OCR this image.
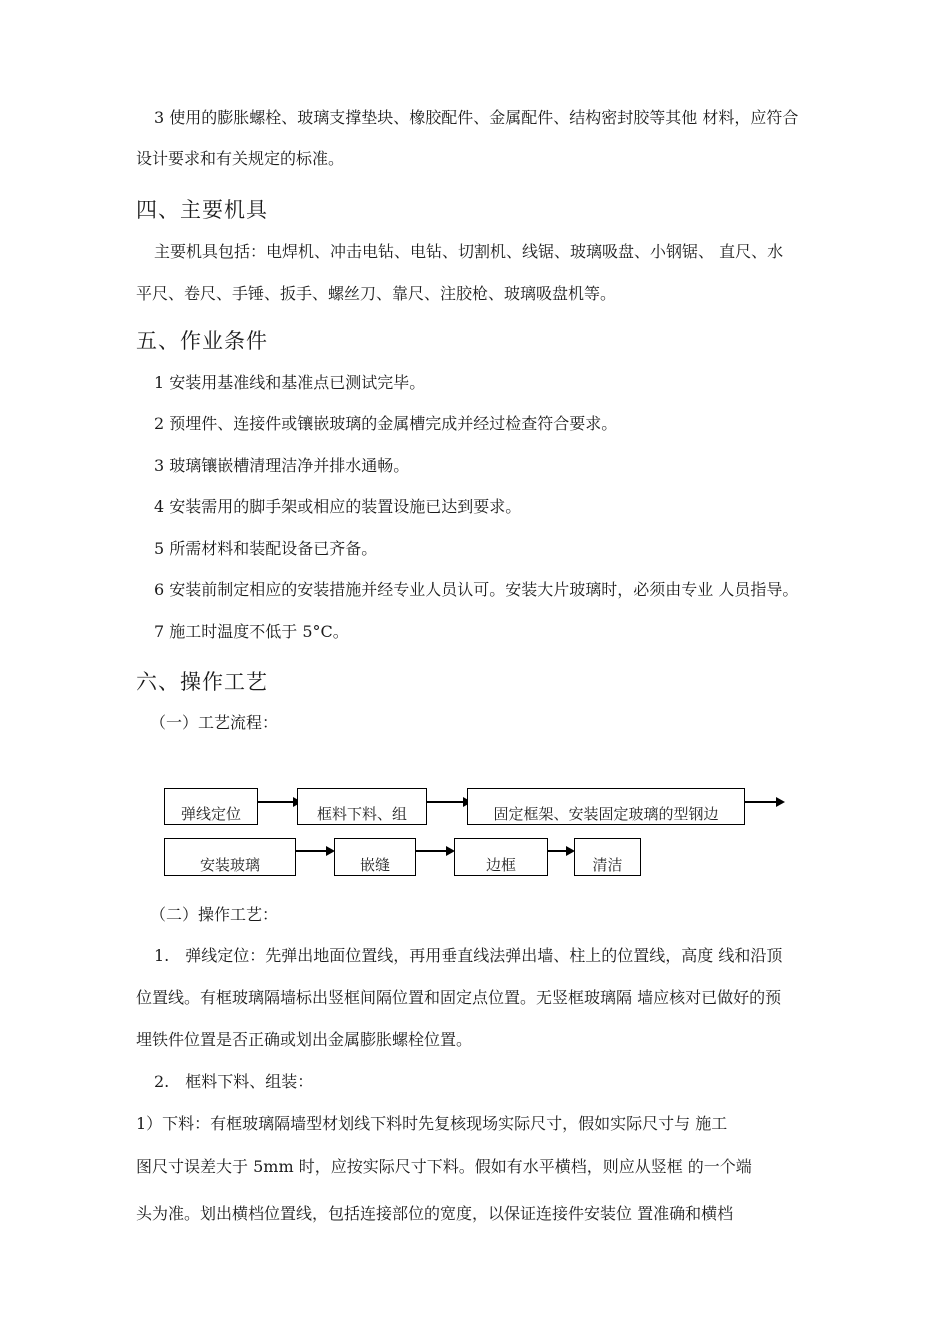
3 使用的膨胀螺栓、玻璃支撑垫块、橡胶配件、金属配件、结构密封胶等其他 材料，应符合
设计要求和有关规定的标准。
四、主要机具
主要机具包括：电焊机、冲击电钻、电钻、切割机、线锯、玻璃吸盘、小钢锯、 直尺、水
平尺、卷尺、手锤、扳手、螺丝刀、靠尺、注胶枪、玻璃吸盘机等。
五、作业条件
1 安装用基准线和基准点已测试完毕。
2 预埋件、连接件或镶嵌玻璃的金属槽完成并经过检查符合要求。
3 玻璃镶嵌槽清理洁净并排水通畅。
4 安装需用的脚手架或相应的装置设施已达到要求。
5 所需材料和装配设备已齐备。
6 安装前制定相应的安装措施并经专业人员认可。安装大片玻璃时，必须由专业 人员指导。
7 施工时温度不低于 5°C。
六、操作工艺
（一）工艺流程：
弹线定位	框料下料、组	固定框架、安装固定玻璃的型钢边
安装玻璃	嵌缝	边框	清洁
（二）操作工艺：
1.　弹线定位：先弹出地面位置线，再用垂直线法弹出墙、柱上的位置线，高度 线和沿顶
位置线。有框玻璃隔墙标出竖框间隔位置和固定点位置。无竖框玻璃隔 墙应核对已做好的预
埋铁件位置是否正确或划出金属膨胀螺栓位置。
2.　框料下料、组装：
1）下料：有框玻璃隔墙型材划线下料时先复核现场实际尺寸，假如实际尺寸与 施工
图尺寸误差大于 5mm 时，应按实际尺寸下料。假如有水平横档，则应从竖框 的一个端
头为准。划出横档位置线，包括连接部位的宽度，以保证连接件安装位 置准确和横档
